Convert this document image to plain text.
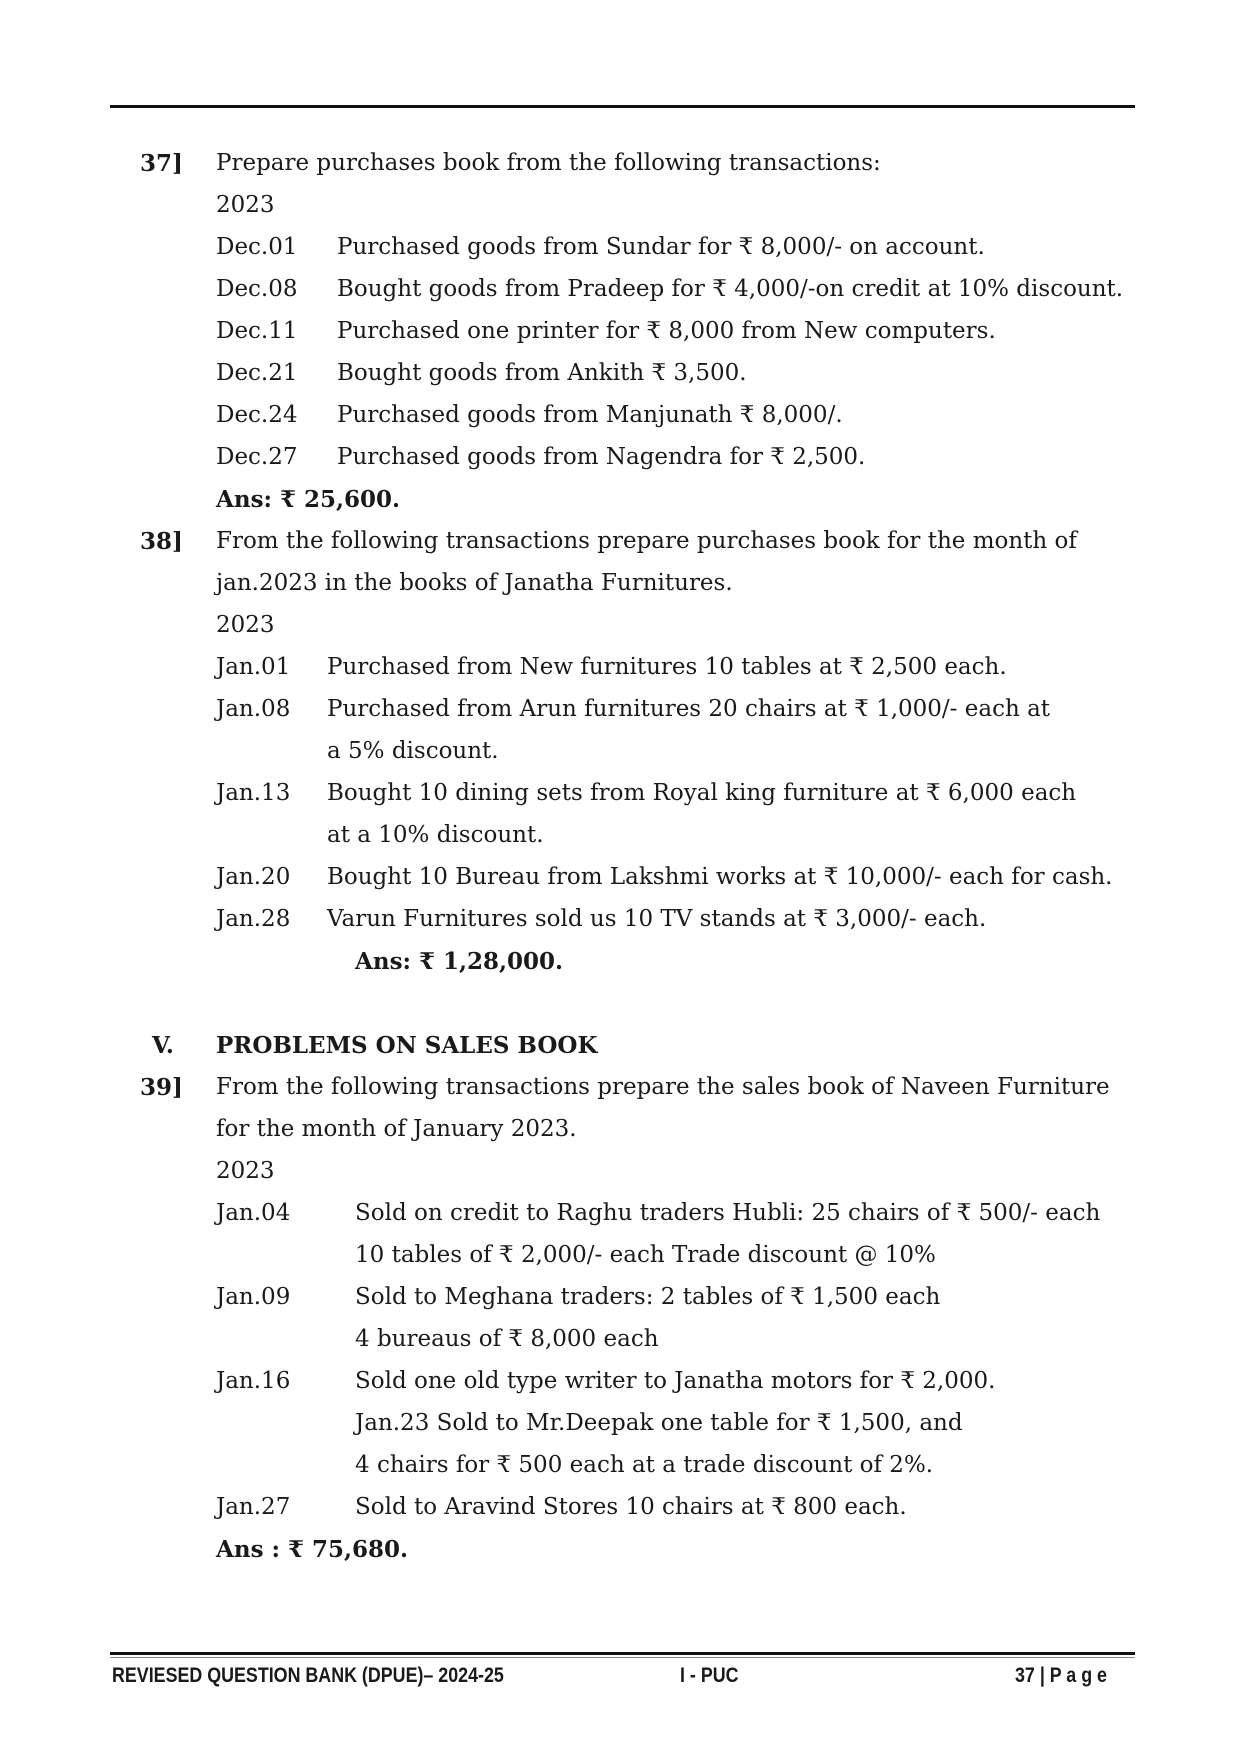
37] Prepare purchases book from the following transactions:
2023
Dec.01 Purchased goods from Sundar for ₹ 8,000/- on account.
Dec.08 Bought goods from Pradeep for ₹ 4,000/-on credit at 10% discount.
Dec.11 Purchased one printer for ₹ 8,000 from New computers.
Dec.21 Bought goods from Ankith ₹ 3,500.
Dec.24 Purchased goods from Manjunath ₹ 8,000/.
Dec.27 Purchased goods from Nagendra for ₹ 2,500.
Ans: ₹ 25,600.
38] From the following transactions prepare purchases book for the month of
jan.2023 in the books of Janatha Furnitures.
2023
Jan.01 Purchased from New furnitures 10 tables at ₹ 2,500 each.
Jan.08 Purchased from Arun furnitures 20 chairs at ₹ 1,000/- each at
a 5% discount.
Jan.13 Bought 10 dining sets from Royal king furniture at ₹ 6,000 each
at a 10% discount.
Jan.20 Bought 10 Bureau from Lakshmi works at ₹ 10,000/- each for cash.
Jan.28 Varun Furnitures sold us 10 TV stands at ₹ 3,000/- each.
Ans: ₹ 1,28,000.
V. PROBLEMS ON SALES BOOK
39] From the following transactions prepare the sales book of Naveen Furniture
for the month of January 2023.
2023
Jan.04	Sold on credit to Raghu traders Hubli: 25 chairs of ₹ 500/- each
10 tables of ₹ 2,000/- each Trade discount @ 10%
Jan.09	Sold to Meghana traders: 2 tables of ₹ 1,500 each
4 bureaus of ₹ 8,000 each
Jan.16	Sold one old type writer to Janatha motors for ₹ 2,000.
Jan.23 Sold to Mr.Deepak one table for ₹ 1,500, and
4 chairs for ₹ 500 each at a trade discount of 2%.
Jan.27	Sold to Aravind Stores 10 chairs at ₹ 800 each.
Ans : ₹ 75,680.
REVIESED QUESTION BANK (DPUE)– 2024-25	I - PUC	37 | P a g e
